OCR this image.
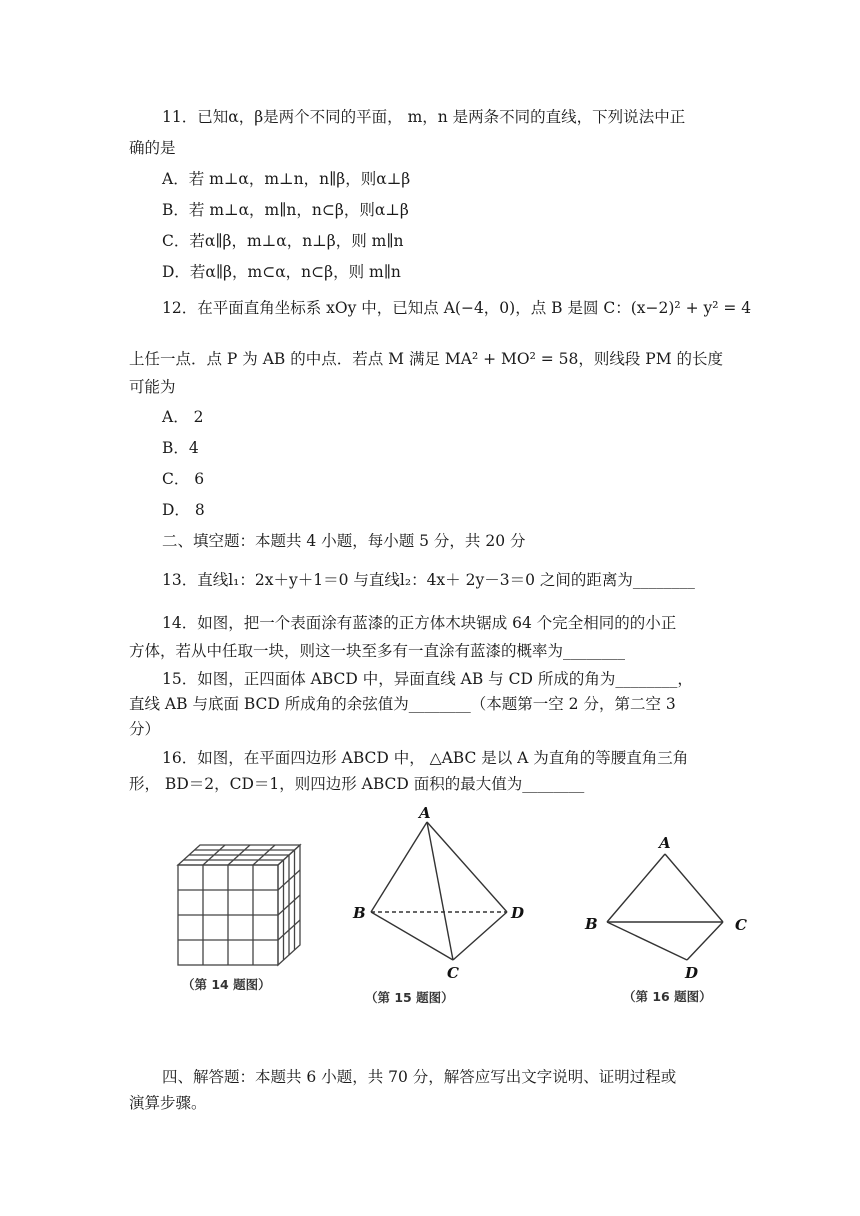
11．已知α，β是两个不同的平面， m，n 是两条不同的直线，下列说法中正
确的是
A．若 m⊥α，m⊥n，n∥β，则α⊥β
B．若 m⊥α，m∥n，n⊂β，则α⊥β
C．若α∥β，m⊥α，n⊥β，则 m∥n
D．若α∥β，m⊂α，n⊂β，则 m∥n
12．在平面直角坐标系 xOy 中，已知点 A(−4，0)，点 B 是圆 C：(x−2)² + y² = 4
上任一点．点 P 为 AB 的中点．若点 M 满足 MA² + MO² = 58，则线段 PM 的长度
可能为
A． 2
B．4
C． 6
D． 8
二、填空题：本题共 4 小题，每小题 5 分，共 20 分
13．直线l₁：2x＋y＋1＝0 与直线l₂：4x＋ 2y－3＝0 之间的距离为________
14．如图，把一个表面涂有蓝漆的正方体木块锯成 64 个完全相同的的小正
方体，若从中任取一块，则这一块至多有一直涂有蓝漆的概率为________
15．如图，正四面体 ABCD 中，异面直线 AB 与 CD 所成的角为________，
直线 AB 与底面 BCD 所成角的余弦值为________（本题第一空 2 分，第二空 3
分）
16．如图，在平面四边形 ABCD 中， △ABC 是以 A 为直角的等腰直角三角
形， BD＝2，CD＝1，则四边形 ABCD 面积的最大值为________
（第 14 题图）
A
B
C
D
（第 15 题图）
A
B	C
D
（第 16 题图）
四、解答题：本题共 6 小题，共 70 分，解答应写出文字说明、证明过程或
演算步骤。
